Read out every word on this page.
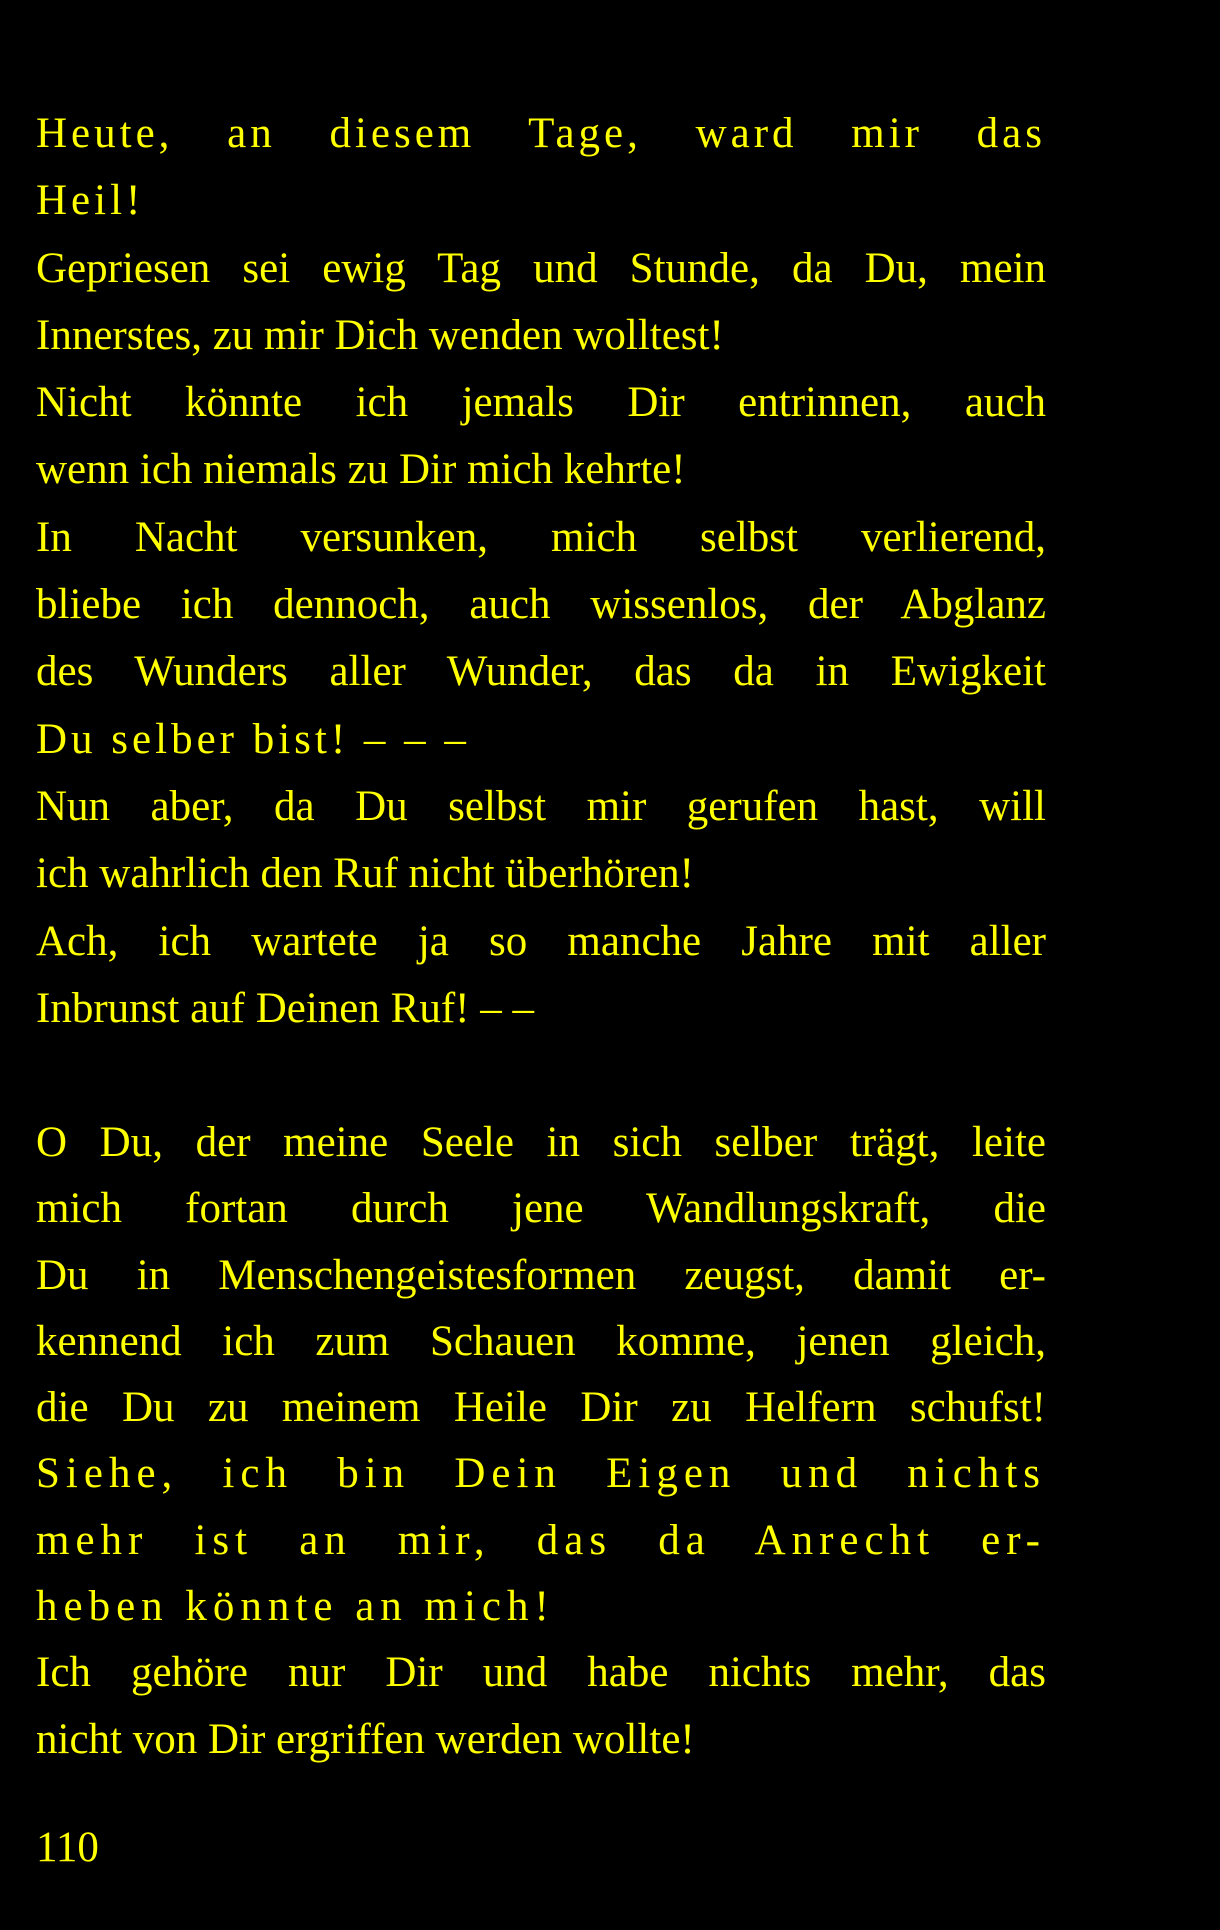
Heute, an diesem Tage, ward mir das
Heil!
Gepriesen sei ewig Tag und Stunde, da Du, mein
Innerstes, zu mir Dich wenden wolltest!
Nicht könnte ich jemals Dir entrinnen, auch
wenn ich niemals zu Dir mich kehrte!
In Nacht versunken, mich selbst verlierend,
bliebe ich dennoch, auch wissenlos, der Abglanz
des Wunders aller Wunder, das da in Ewigkeit
Du selber bist! – – –
Nun aber, da Du selbst mir gerufen hast, will
ich wahrlich den Ruf nicht überhören!
Ach, ich wartete ja so manche Jahre mit aller
Inbrunst auf Deinen Ruf! – –
O Du, der meine Seele in sich selber trägt, leite
mich fortan durch jene Wandlungskraft, die
Du in Menschengeistesformen zeugst, damit er-
kennend ich zum Schauen komme, jenen gleich,
die Du zu meinem Heile Dir zu Helfern schufst!
Siehe, ich bin Dein Eigen und nichts
mehr ist an mir, das da Anrecht er-
heben könnte an mich!
Ich gehöre nur Dir und habe nichts mehr, das
nicht von Dir ergriffen werden wollte!
110
